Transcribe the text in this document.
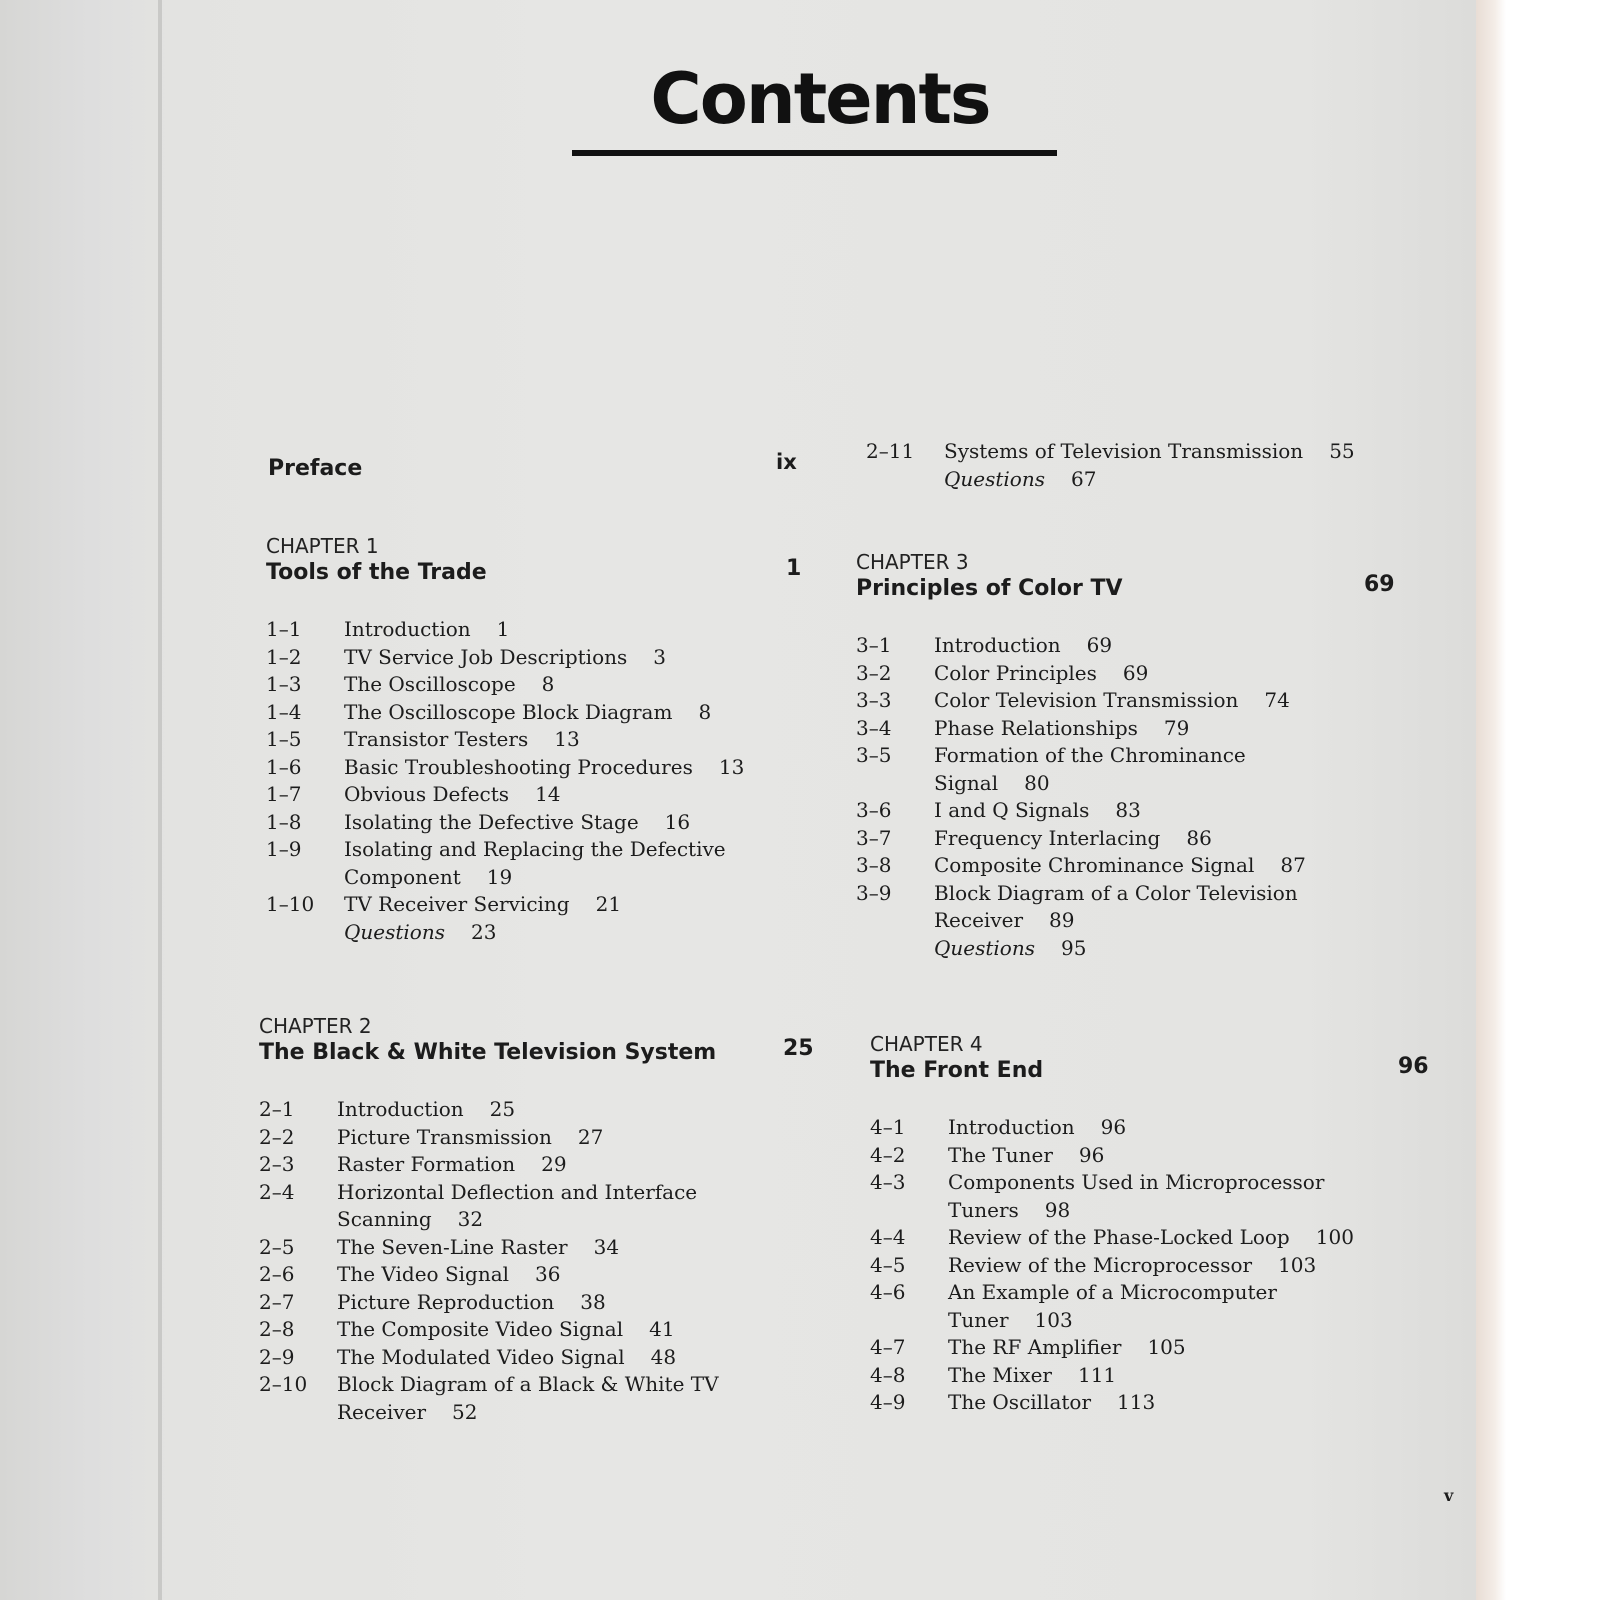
Contents
Preface	ix
CHAPTER 1
Tools of the Trade	1
1–1 Introduction 1
1–2 TV Service Job Descriptions 3
1–3 The Oscilloscope 8
1–4 The Oscilloscope Block Diagram 8
1–5 Transistor Testers 13
1–6 Basic Troubleshooting Procedures 13
1–7 Obvious Defects 14
1–8 Isolating the Defective Stage 16
1–9 Isolating and Replacing the Defective
Component 19
1–10 TV Receiver Servicing 21
Questions 23
CHAPTER 2
The Black & White Television System	25
2–1 Introduction 25
2–2 Picture Transmission 27
2–3 Raster Formation 29
2–4 Horizontal Deflection and Interface
Scanning 32
2–5 The Seven-Line Raster 34
2–6 The Video Signal 36
2–7 Picture Reproduction 38
2–8 The Composite Video Signal 41
2–9 The Modulated Video Signal 48
2–10 Block Diagram of a Black & White TV
Receiver 52
2–11 Systems of Television Transmission 55
Questions 67
CHAPTER 3
Principles of Color TV	69
3–1 Introduction 69
3–2 Color Principles 69
3–3 Color Television Transmission 74
3–4 Phase Relationships 79
3–5 Formation of the Chrominance
Signal 80
3–6 I and Q Signals 83
3–7 Frequency Interlacing 86
3–8 Composite Chrominance Signal 87
3–9 Block Diagram of a Color Television
Receiver 89
Questions 95
CHAPTER 4
The Front End	96
4–1 Introduction 96
4–2 The Tuner 96
4–3 Components Used in Microprocessor
Tuners 98
4–4 Review of the Phase-Locked Loop 100
4–5 Review of the Microprocessor 103
4–6 An Example of a Microcomputer
Tuner 103
4–7 The RF Amplifier 105
4–8 The Mixer 111
4–9 The Oscillator 113
v
